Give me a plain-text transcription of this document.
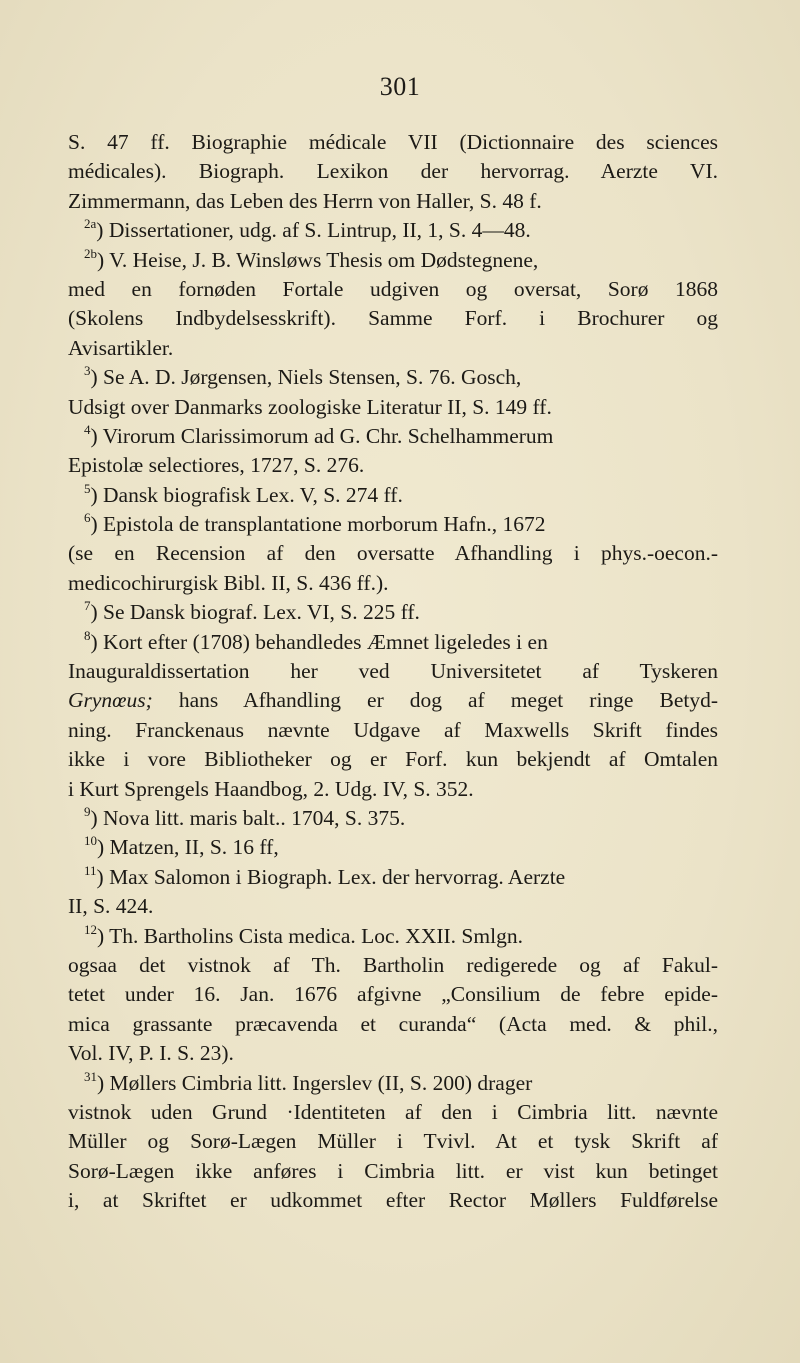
301
S. 47 ff. Biographie médicale VII (Dictionnaire des sciences
médicales). Biograph. Lexikon der hervorrag. Aerzte VI.
Zimmermann, das Leben des Herrn von Haller, S. 48 f.
$^{2a}$) Dissertationer, udg. af S. Lintrup, II, 1, S. 4—48.
$^{2b}$) V. Heise, J. B. Winsløws Thesis om Dødstegnene,
med en fornøden Fortale udgiven og oversat, Sorø 1868
(Skolens Indbydelsesskrift). Samme Forf. i Brochurer og
Avisartikler.
$^3$) Se A. D. Jørgensen, Niels Stensen, S. 76. Gosch,
Udsigt over Danmarks zoologiske Literatur II, S. 149 ff.
$^4$) Virorum Clarissimorum ad G. Chr. Schelhammerum
Epistolæ selectiores, 1727, S. 276.
$^5$) Dansk biografisk Lex. V, S. 274 ff.
$^6$) Epistola de transplantatione morborum Hafn., 1672
(se en Recension af den oversatte Afhandling i phys.-oecon.-
medicochirurgisk Bibl. II, S. 436 ff.).
$^7$) Se Dansk biograf. Lex. VI, S. 225 ff.
$^8$) Kort efter (1708) behandledes Æmnet ligeledes i en
Inauguraldissertation her ved Universitetet af Tyskeren
Grynœus; hans Afhandling er dog af meget ringe Betyd-
ning. Franckenaus nævnte Udgave af Maxwells Skrift findes
ikke i vore Bibliotheker og er Forf. kun bekjendt af Omtalen
i Kurt Sprengels Haandbog, 2. Udg. IV, S. 352.
$^9$) Nova litt. maris balt.. 1704, S. 375.
$^{10}$) Matzen, II, S. 16 ff,
$^{11}$) Max Salomon i Biograph. Lex. der hervorrag. Aerzte
II, S. 424.
$^{12}$) Th. Bartholins Cista medica. Loc. XXII. Smlgn.
ogsaa det vistnok af Th. Bartholin redigerede og af Fakul-
tetet under 16. Jan. 1676 afgivne „Consilium de febre epide-
mica grassante præcavenda et curanda“ (Acta med. & phil.,
Vol. IV, P. I. S. 23).
$^{31}$) Møllers Cimbria litt. Ingerslev (II, S. 200) drager
vistnok uden Grund ·Identiteten af den i Cimbria litt. nævnte
Müller og Sorø-Lægen Müller i Tvivl. At et tysk Skrift af
Sorø-Lægen ikke anføres i Cimbria litt. er vist kun betinget
i, at Skriftet er udkommet efter Rector Møllers Fuldførelse
